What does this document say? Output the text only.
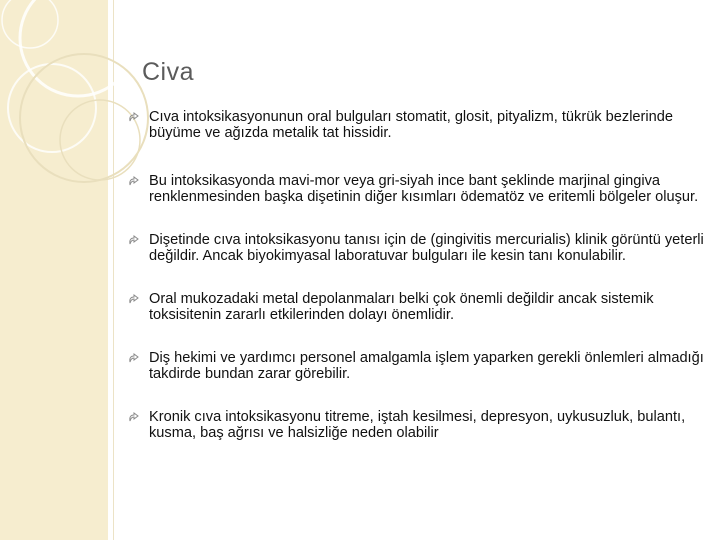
Civa
Cıva intoksikasyonunun oral bulguları stomatit, glosit, pityalizm, tükrük bezlerinde büyüme ve ağızda metalik tat hissidir.
Bu intoksikasyonda mavi-mor veya gri-siyah ince bant şeklinde marjinal gingiva renklenmesinden başka dişetinin diğer kısımları ödematöz ve eritemli bölgeler oluşur.
Dişetinde cıva intoksikasyonu tanısı için de (gingivitis mercurialis) klinik görüntü yeterli değildir. Ancak biyokimyasal laboratuvar bulguları ile kesin tanı konulabilir.
Oral mukozadaki metal depolanmaları belki çok önemli değildir ancak sistemik toksisitenin zararlı etkilerinden dolayı önemlidir.
Diş hekimi ve yardımcı personel amalgamla işlem yaparken gerekli önlemleri almadığı takdirde bundan zarar görebilir.
Kronik cıva intoksikasyonu titreme, iştah kesilmesi, depresyon, uykusuzluk, bulantı, kusma, baş ağrısı ve halsizliğe neden olabilir
